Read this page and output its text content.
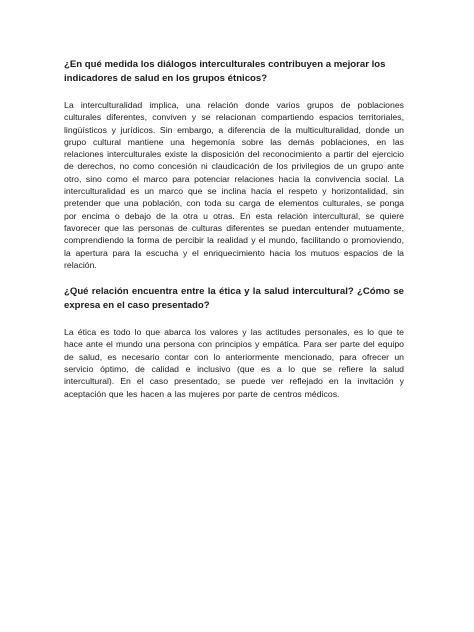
¿En qué medida los diálogos interculturales contribuyen a mejorar los indicadores de salud en los grupos étnicos?

La interculturalidad implica, una relación donde varios grupos de poblaciones culturales diferentes, conviven y se relacionan compartiendo espacios territoriales, lingüísticos y jurídicos. Sin embargo, a diferencia de la multiculturalidad, donde un grupo cultural mantiene una hegemonía sobre las demás poblaciones, en las relaciones interculturales existe la disposición del reconocimiento a partir del ejercicio de derechos, no como concesión ni claudicación de los privilegios de un grupo ante otro, sino como el marco para potenciar relaciones hacia la convivencia social. La interculturalidad es un marco que se inclina hacia el respeto y horizontalidad, sin pretender que una población, con toda su carga de elementos culturales, se ponga por encima o debajo de la otra u otras. En esta relación intercultural, se quiere favorecer que las personas de culturas diferentes se puedan entender mutuamente, comprendiendo la forma de percibir la realidad y el mundo, facilitando o promoviendo, la apertura para la escucha y el enriquecimiento hacia los mutuos espacios de la relación.

¿Qué relación encuentra entre la ética y la salud intercultural? ¿Cómo se expresa en el caso presentado?

La ética es todo lo que abarca los valores y las actitudes personales, es lo que te hace ante el mundo una persona con principios y empática. Para ser parte del equipo de salud, es necesario contar con lo anteriormente mencionado, para ofrecer un servicio óptimo, de calidad e inclusivo (que es a lo que se refiere la salud intercultural). En el caso presentado, se puede ver reflejado en la invitación y aceptación que les hacen a las mujeres por parte de centros médicos.
